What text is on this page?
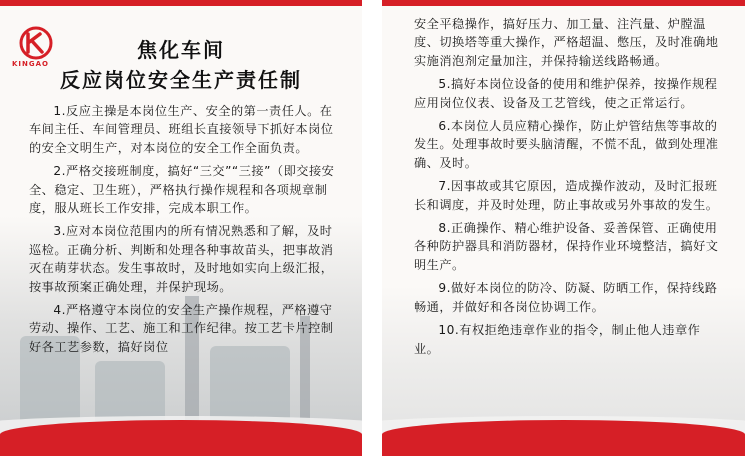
KINGAO
焦化车间
反应岗位安全生产责任制

1.反应主操是本岗位生产、安全的第一责任人。在车间主任、车间管理员、班组长直接领导下抓好本岗位的安全文明生产，对本岗位的安全工作全面负责。

2.严格交接班制度，搞好“三交”“三接”（即交接安全、稳定、卫生班），严格执行操作规程和各项规章制度，服从班长工作安排，完成本职工作。

3.应对本岗位范围内的所有情况熟悉和了解，及时巡检。正确分析、判断和处理各种事故苗头，把事故消灭在萌芽状态。发生事故时，及时地如实向上级汇报，按事故预案正确处理，并保护现场。

4.严格遵守本岗位的安全生产操作规程，严格遵守劳动、操作、工艺、施工和工作纪律。按工艺卡片控制好各工艺参数，搞好岗位

安全平稳操作，搞好压力、加工量、注汽量、炉膛温度、切换塔等重大操作，严格超温、憋压，及时准确地实施消泡剂定量加注，并保持输送线路畅通。

5.搞好本岗位设备的使用和维护保养，按操作规程应用岗位仪表、设备及工艺管线，使之正常运行。

6.本岗位人员应精心操作，防止炉管结焦等事故的发生。处理事故时要头脑清醒，不慌不乱，做到处理准确、及时。

7.因事故或其它原因，造成操作波动，及时汇报班长和调度，并及时处理，防止事故或另外事故的发生。

8.正确操作、精心维护设备、妥善保管、正确使用各种防护器具和消防器材，保持作业环境整洁，搞好文明生产。

9.做好本岗位的防冷、防凝、防晒工作，保持线路畅通，并做好和各岗位协调工作。

10.有权拒绝违章作业的指令，制止他人违章作业。
